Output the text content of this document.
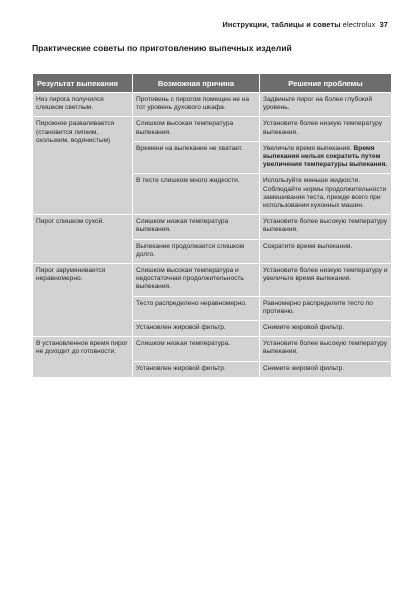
Инструкции, таблицы и советы electrolux 37
Практические советы по приготовлению выпечных изделий
Результат выпекания	Возможная причина	Решение проблемы
Низ пирога получился слишком светлым.	Противень с пирогом помещен не на тот уровень духового шкафа.	Задвиньте пирог на более глубокий уровень.
Пирожное разваливается (становится липким, скользким, водянистым)	Слишком высокая температура выпекания.	Установите более низкую температуру выпекания.
	Времени на выпекание не хватает.	Увеличьте время выпекания. Время выпекания нельзя сократить путем увеличения температуры выпекания.
	В тесте слишком много жидкости.	Используйте меньше жидкости. Соблюдайте нормы продолжительности замешивания теста, прежде всего при использовании кухонных машин.
Пирог слишком сухой.	Слишком низкая температура выпекания.	Установите более высокую температуру выпекания.
	Выпекание продолжается слишком долго.	Сократите время выпекания.
Пирог зарумянивается неравномерно.	Слишком высокая температура и недостаточная продолжительность выпекания.	Установите более низкую температуру и увеличьте время выпекания.
	Тесто распределено неравномерно.	Равномерно распределите тесто по противню.
	Установлен жировой фильтр.	Снимите жировой фильтр.
В установленное время пирог не доходит до готовности.	Слишком низкая температура.	Установите более высокую температуру выпекания.
	Установлен жировой фильтр.	Снимите жировой фильтр.
